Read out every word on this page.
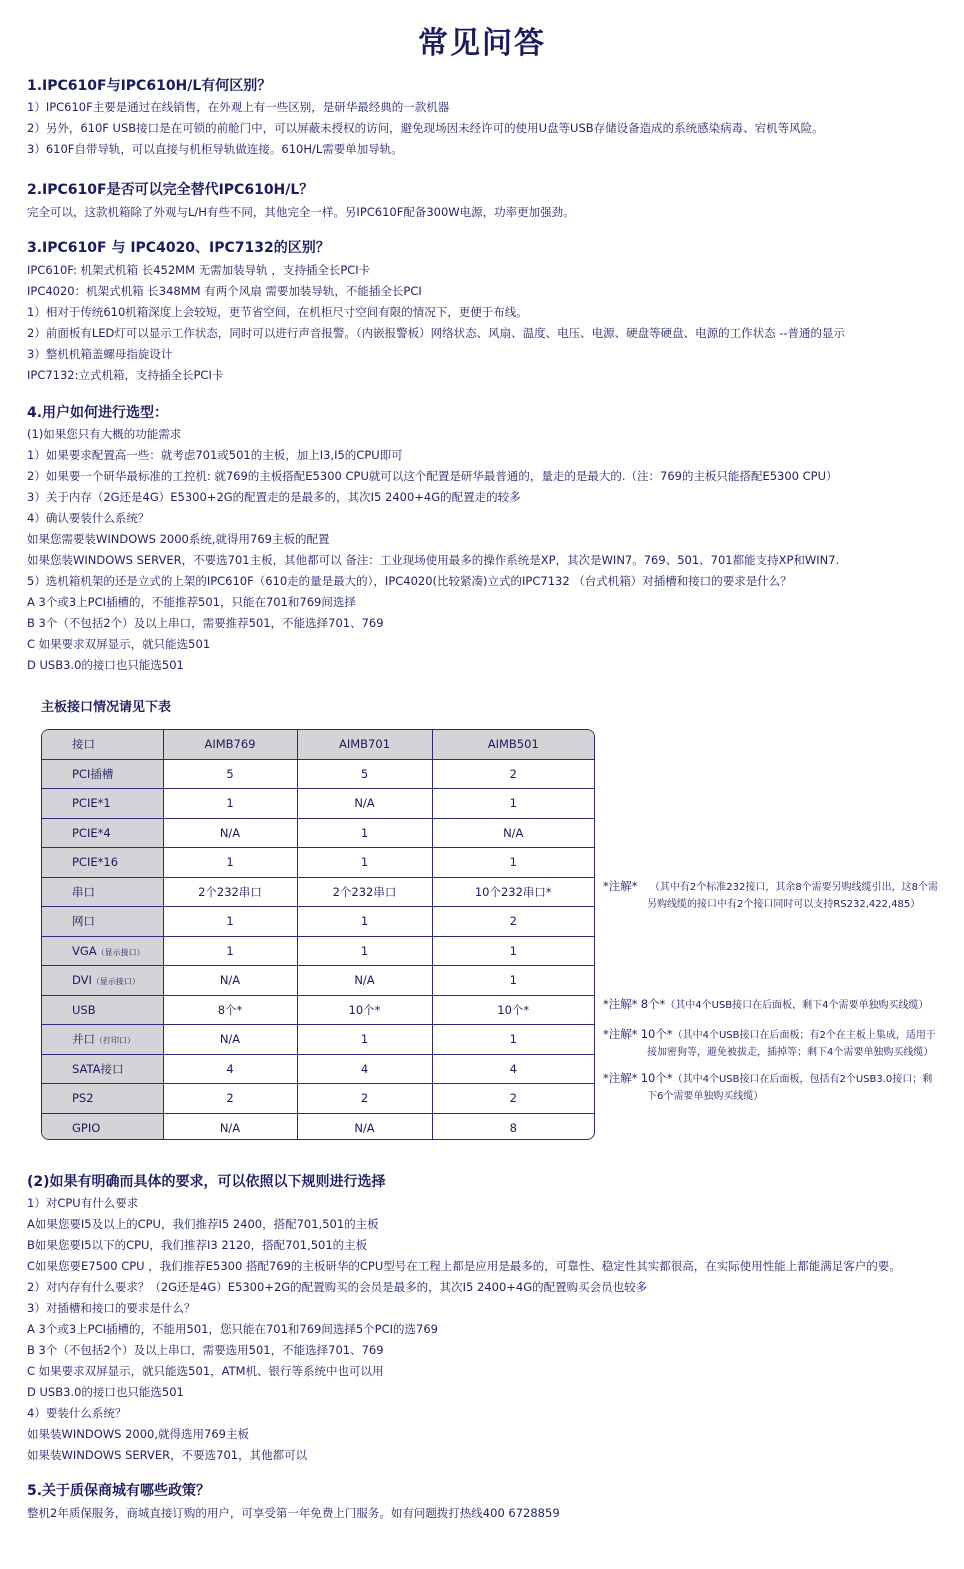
常见问答
1.IPC610F与IPC610H/L有何区别？
1）IPC610F主要是通过在线销售，在外观上有一些区别，是研华最经典的一款机器
2）另外，610F USB接口是在可锁的前舱门中，可以屏蔽未授权的访问，避免现场因未经许可的使用U盘等USB存储设备造成的系统感染病毒、宕机等风险。
3）610F自带导轨，可以直接与机柜导轨做连接。610H/L需要单加导轨。
2.IPC610F是否可以完全替代IPC610H/L？
完全可以，这款机箱除了外观与L/H有些不同，其他完全一样。另IPC610F配备300W电源，功率更加强劲。
3.IPC610F 与 IPC4020、IPC7132的区别？
IPC610F: 机架式机箱 长452MM 无需加装导轨 ，支持插全长PCI卡
IPC4020：机架式机箱 长348MM 有两个风扇 需要加装导轨，不能插全长PCI
1）相对于传统610机箱深度上会较短，更节省空间，在机柜尺寸空间有限的情况下，更便于布线。
2）前面板有LED灯可以显示工作状态，同时可以进行声音报警。（内嵌报警板）网络状态、风扇、温度、电压、电源、硬盘等硬盘、电源的工作状态 --普通的显示
3）整机机箱盖螺母指旋设计
IPC7132:立式机箱，支持插全长PCI卡
4.用户如何进行选型：
(1)如果您只有大概的功能需求
1）如果要求配置高一些：就考虑701或501的主板，加上I3,I5的CPU即可
2）如果要一个研华最标准的工控机: 就769的主板搭配E5300 CPU就可以这个配置是研华最普通的，量走的是最大的.（注：769的主板只能搭配E5300 CPU）
3）关于内存（2G还是4G）E5300+2G的配置走的是最多的，其次I5 2400+4G的配置走的较多
4）确认要装什么系统？
如果您需要装WINDOWS 2000系统,就得用769主板的配置
如果您装WINDOWS SERVER，不要选701主板，其他都可以 备注：工业现场使用最多的操作系统是XP，其次是WIN7。769、501、701都能支持XP和WIN7.
5）选机箱机架的还是立式的上架的IPC610F（610走的量是最大的），IPC4020(比较紧凑)立式的IPC7132 （台式机箱）对插槽和接口的要求是什么？
A 3个或3上PCI插槽的，不能推荐501，只能在701和769间选择
B 3个（不包括2个）及以上串口，需要推荐501，不能选择701、769
C 如果要求双屏显示，就只能选501
D USB3.0的接口也只能选501
主板接口情况请见下表
接口	AIMB769	AIMB701	AIMB501
PCI插槽	5	5	2
PCIE*1	1	N/A	1
PCIE*4	N/A	1	N/A
PCIE*16	1	1	1
串口	2个232串口	2个232串口	10个232串口*
网口	1	1	2
VGA（显示接口）	1	1	1
DVI（显示接口）	N/A	N/A	1
USB	8个*	10个*	10个*
并口（打印口）	N/A	1	1
SATA接口	4	4	4
PS2	2	2	2
GPIO	N/A	N/A	8
*注解* （其中有2个标准232接口，其余8个需要另购线缆引出，这8个需
另购线缆的接口中有2个接口同时可以支持RS232,422,485）
*注解* 8个*（其中4个USB接口在后面板，剩下4个需要单独购买线缆）
*注解* 10个*（其中4个USB接口在后面板；有2个在主板上集成，适用于
接加密狗等，避免被拔走，插掉等；剩下4个需要单独购买线缆）
*注解* 10个*（其中4个USB接口在后面板，包括有2个USB3.0接口；剩
下6个需要单独购买线缆）
(2)如果有明确而具体的要求，可以依照以下规则进行选择
1）对CPU有什么要求
A如果您要I5及以上的CPU，我们推荐I5 2400，搭配701,501的主板
B如果您要I5以下的CPU，我们推荐I3 2120，搭配701,501的主板
C如果您要E7500 CPU ，我们推荐E5300 搭配769的主板研华的CPU型号在工程上都是应用是最多的，可靠性、稳定性其实都很高，在实际使用性能上都能满足客户的要。
2）对内存有什么要求？（2G还是4G）E5300+2G的配置购买的会员是最多的，其次I5 2400+4G的配置购买会员也较多
3）对插槽和接口的要求是什么？
A 3个或3上PCI插槽的，不能用501，您只能在701和769间选择5个PCI的选769
B 3个（不包括2个）及以上串口，需要选用501，不能选择701、769
C 如果要求双屏显示，就只能选501，ATM机、银行等系统中也可以用
D USB3.0的接口也只能选501
4）要装什么系统？
如果装WINDOWS 2000,就得选用769主板
如果装WINDOWS SERVER，不要选701，其他都可以
5.关于质保商城有哪些政策？
整机2年质保服务，商城直接订购的用户，可享受第一年免费上门服务。如有问题拨打热线400 6728859
